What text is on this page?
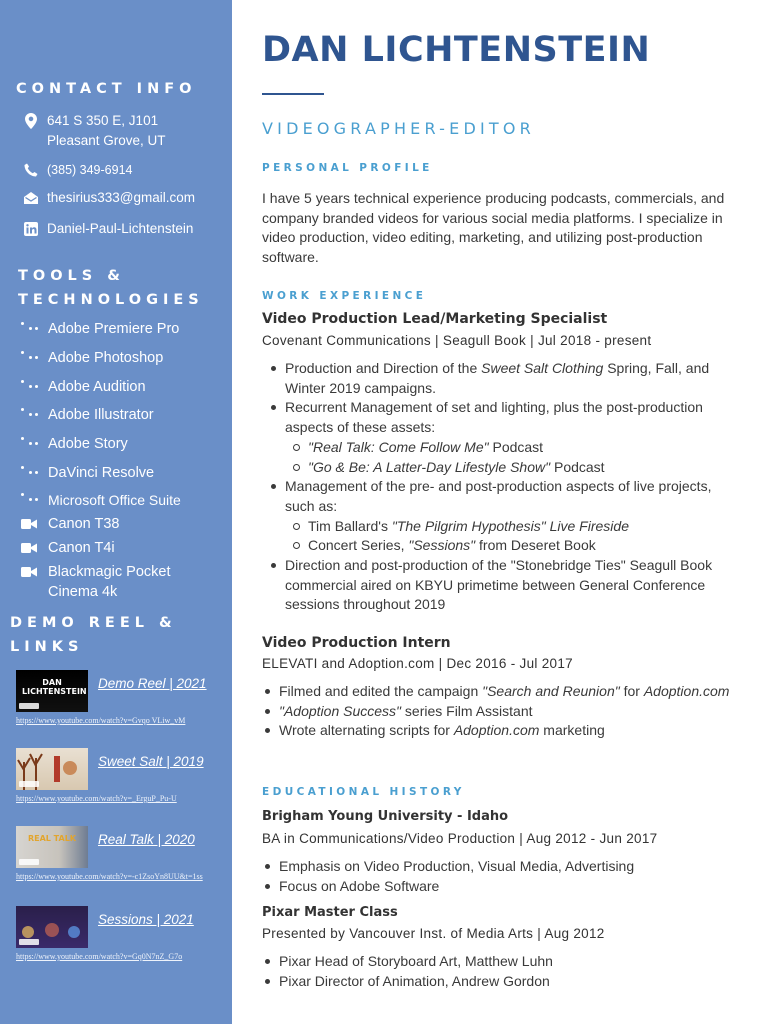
CONTACT INFO
641 S 350 E, J101
Pleasant Grove, UT
(385) 349-6914
thesirius333@gmail.com
Daniel-Paul-Lichtenstein
TOOLS &
TECHNOLOGIES
Adobe Premiere Pro
Adobe Photoshop
Adobe Audition
Adobe Illustrator
Adobe Story
DaVinci Resolve
Microsoft Office Suite
Canon T38
Canon T4i
Blackmagic Pocket
Cinema 4k
DEMO REEL &
LINKS
DAN LICHTENSTEIN
Demo Reel | 2021
https://www.youtube.com/watch?v=Gvqo VLiw_vM
Sweet Salt | 2019
https://www.youtube.com/watch?v=_ErguP_Pu-U
REAL TALK	Real Talk | 2020
https://www.youtube.com/watch?v=-c1ZsoYn8UU&t=1ss
Sessions | 2021
https://www.youtube.com/watch?v=Gq0N7nZ_G7o
DAN LICHTENSTEIN
VIDEOGRAPHER-EDITOR
PERSONAL PROFILE
I have 5 years technical experience producing podcasts, commercials, and company branded videos for various social media platforms. I specialize in video production, video editing, marketing, and utilizing post-production software.
WORK EXPERIENCE
Video Production Lead/Marketing Specialist
Covenant Communications | Seagull Book | Jul 2018 - present
Production and Direction of the Sweet Salt Clothing Spring, Fall, and Winter 2019 campaigns.
Recurrent Management of set and lighting, plus the post-production aspects of these assets:
"Real Talk: Come Follow Me" Podcast
"Go & Be: A Latter-Day Lifestyle Show" Podcast
Management of the pre- and post-production aspects of live projects, such as:
Tim Ballard's "The Pilgrim Hypothesis" Live Fireside
Concert Series, "Sessions" from Deseret Book
Direction and post-production of the "Stonebridge Ties" Seagull Book commercial aired on KBYU primetime between General Conference sessions throughout 2019
Video Production Intern
ELEVATI and Adoption.com | Dec 2016 - Jul 2017
Filmed and edited the campaign "Search and Reunion" for Adoption.com
"Adoption Success" series Film Assistant
Wrote alternating scripts for Adoption.com marketing
EDUCATIONAL HISTORY
Brigham Young University - Idaho
BA in Communications/Video Production | Aug 2012 - Jun 2017
Emphasis on Video Production, Visual Media, Advertising
Focus on Adobe Software
Pixar Master Class
Presented by Vancouver Inst. of Media Arts | Aug 2012
Pixar Head of Storyboard Art, Matthew Luhn
Pixar Director of Animation, Andrew Gordon
